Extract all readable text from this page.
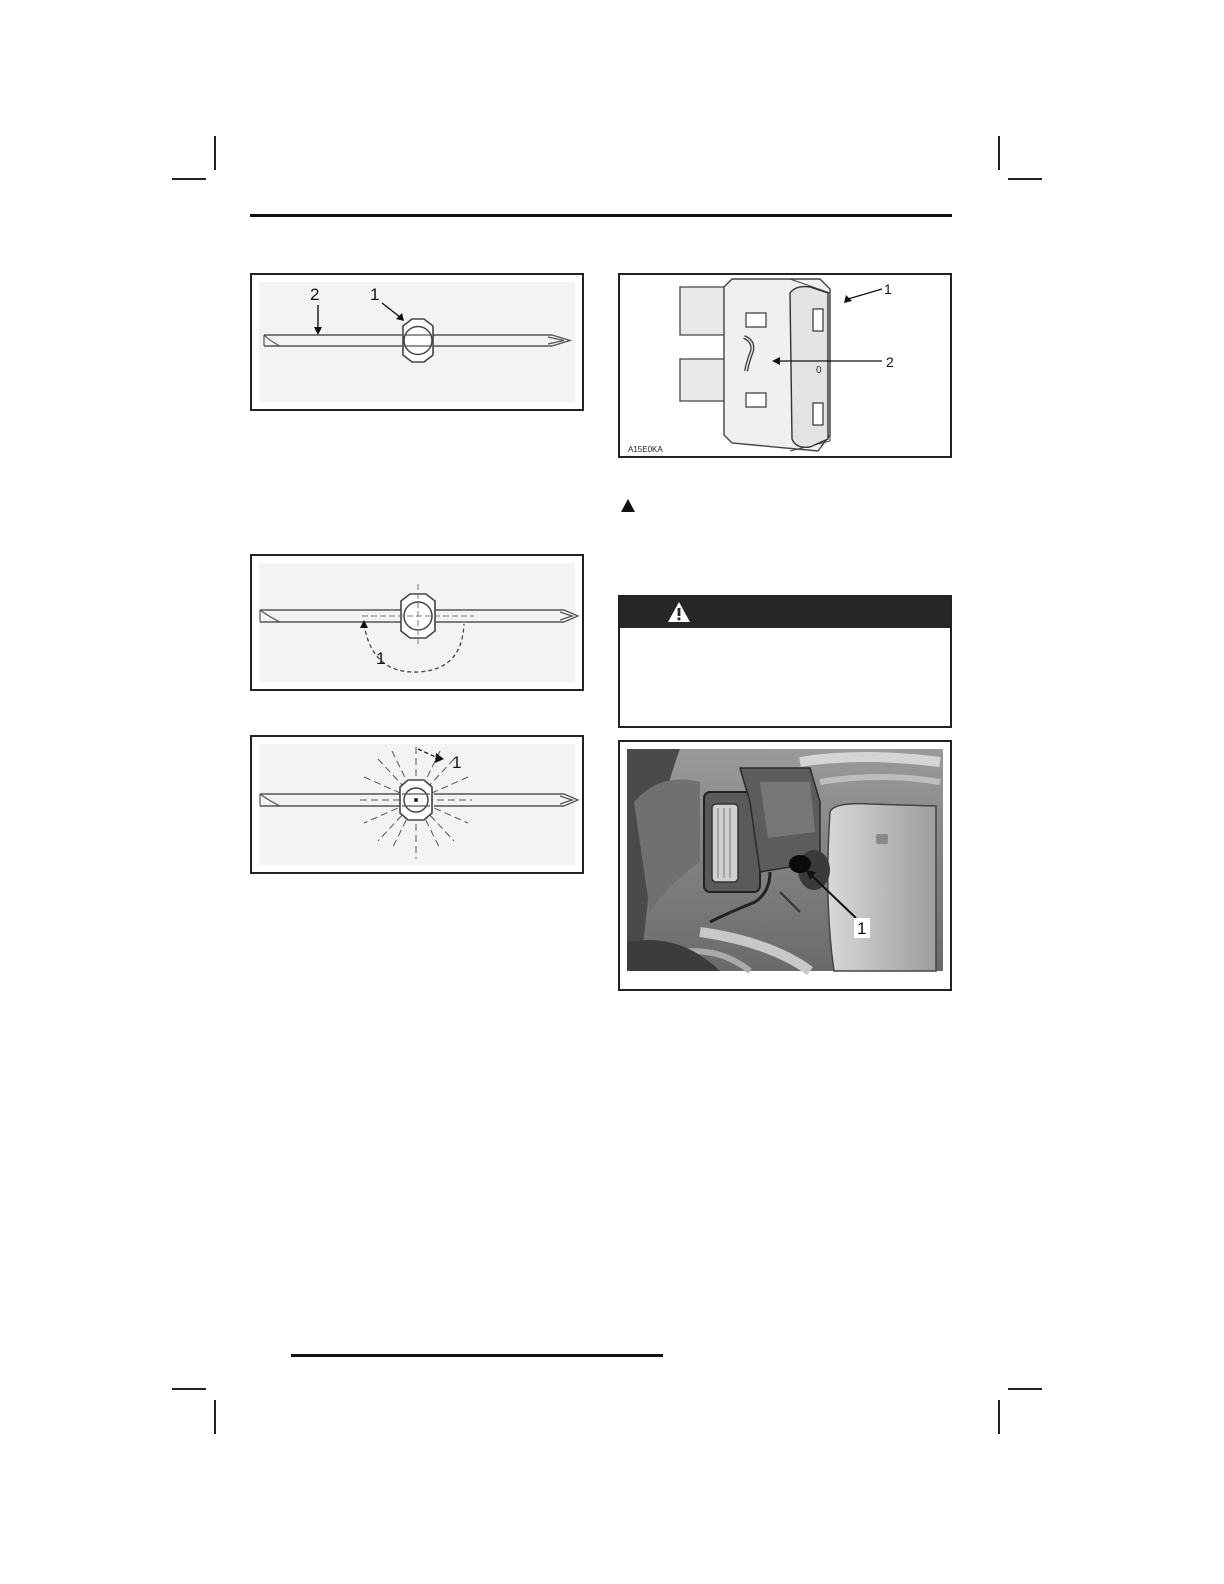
2	1
1
1
0
1
2
A15E0KA
1
